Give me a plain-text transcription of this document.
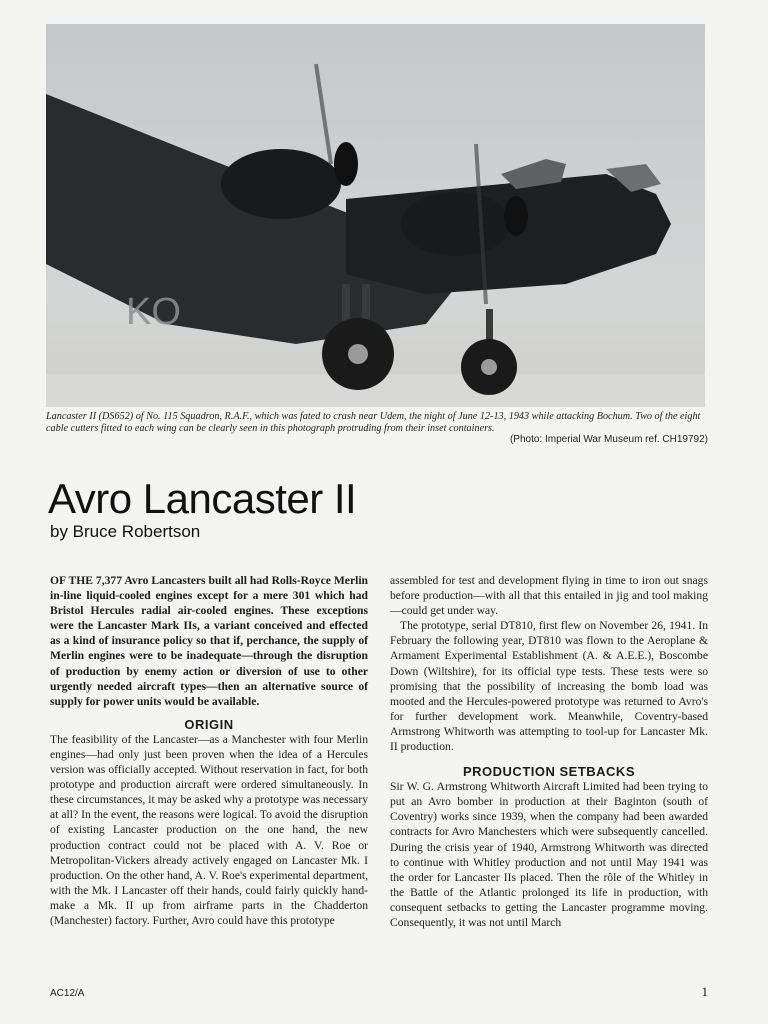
KO
Lancaster II (DS652) of No. 115 Squadron, R.A.F., which was fated to crash near Udem, the night of June 12-13, 1943 while attacking Bochum. Two of the eight cable cutters fitted to each wing can be clearly seen in this photograph protruding from their inset containers.
(Photo: Imperial War Museum ref. CH19792)
Avro Lancaster II
by Bruce Robertson

OF THE 7,377 Avro Lancasters built all had Rolls-Royce Merlin in-line liquid-cooled engines except for a mere 301 which had Bristol Hercules radial air-cooled engines. These exceptions were the Lancaster Mark IIs, a variant conceived and effected as a kind of insurance policy so that if, perchance, the supply of Merlin engines were to be inadequate—through the disruption of production by enemy action or diversion of use to other urgently needed aircraft types—then an alternative source of supply for power units would be available.

ORIGIN

The feasibility of the Lancaster—as a Manchester with four Merlin engines—had only just been proven when the idea of a Hercules version was officially accepted. Without reservation in fact, for both prototype and production aircraft were ordered simultaneously. In these circumstances, it may be asked why a prototype was necessary at all? In the event, the reasons were logical. To avoid the disruption of existing Lancaster production on the one hand, the new production contract could not be placed with A. V. Roe or Metropolitan-Vickers already actively engaged on Lancaster Mk. I production. On the other hand, A. V. Roe's experimental department, with the Mk. I Lancaster off their hands, could fairly quickly hand-make a Mk. II up from airframe parts in the Chadderton (Manchester) factory. Further, Avro could have this prototype

assembled for test and development flying in time to iron out snags before production—with all that this entailed in jig and tool making—could get under way.

The prototype, serial DT810, first flew on November 26, 1941. In February the following year, DT810 was flown to the Aeroplane & Armament Experimental Establishment (A. & A.E.E.), Boscombe Down (Wiltshire), for its official type tests. These tests were so promising that the possibility of increasing the bomb load was mooted and the Hercules-powered prototype was returned to Avro's for further development work. Meanwhile, Coventry-based Armstrong Whitworth was attempting to tool-up for Lancaster Mk. II production.

PRODUCTION SETBACKS

Sir W. G. Armstrong Whitworth Aircraft Limited had been trying to put an Avro bomber in production at their Baginton (south of Coventry) works since 1939, when the company had been awarded contracts for Avro Manchesters which were subsequently cancelled. During the crisis year of 1940, Armstrong Whitworth was directed to continue with Whitley production and not until May 1941 was the order for Lancaster IIs placed. Then the rôle of the Whitley in the Battle of the Atlantic prolonged its life in production, with consequent setbacks to getting the Lancaster programme moving. Consequently, it was not until March

AC12/A	1
